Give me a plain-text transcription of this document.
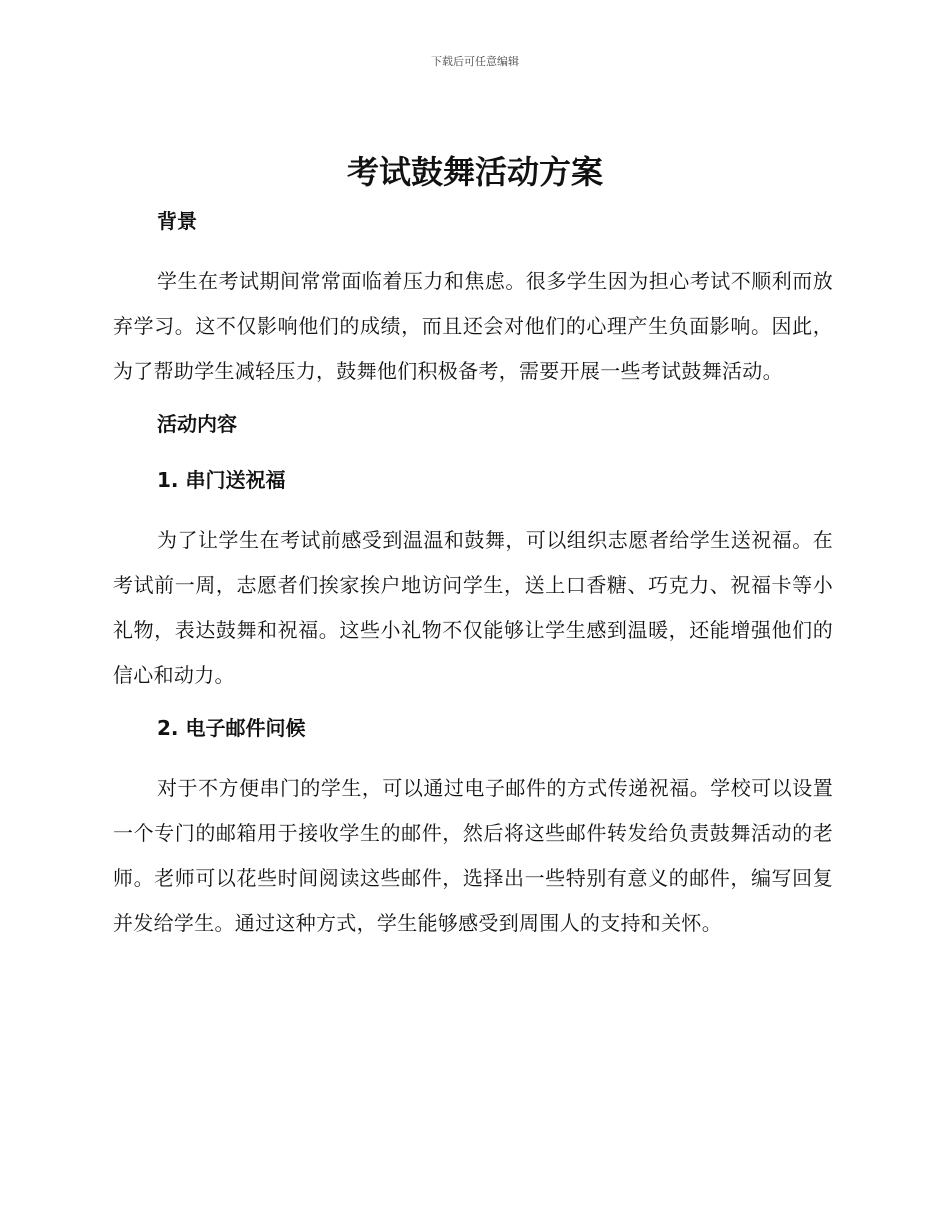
下载后可任意编辑
考试鼓舞活动方案
背景

学生在考试期间常常面临着压力和焦虑。很多学生因为担心考试不顺利而放弃学习。这不仅影响他们的成绩，而且还会对他们的心理产生负面影响。因此，为了帮助学生减轻压力，鼓舞他们积极备考，需要开展一些考试鼓舞活动。

活动内容
1. 串门送祝福

为了让学生在考试前感受到温温和鼓舞，可以组织志愿者给学生送祝福。在考试前一周，志愿者们挨家挨户地访问学生，送上口香糖、巧克力、祝福卡等小礼物，表达鼓舞和祝福。这些小礼物不仅能够让学生感到温暖，还能增强他们的信心和动力。

2. 电子邮件问候

对于不方便串门的学生，可以通过电子邮件的方式传递祝福。学校可以设置一个专门的邮箱用于接收学生的邮件，然后将这些邮件转发给负责鼓舞活动的老师。老师可以花些时间阅读这些邮件，选择出一些特别有意义的邮件，编写回复并发给学生。通过这种方式，学生能够感受到周围人的支持和关怀。
